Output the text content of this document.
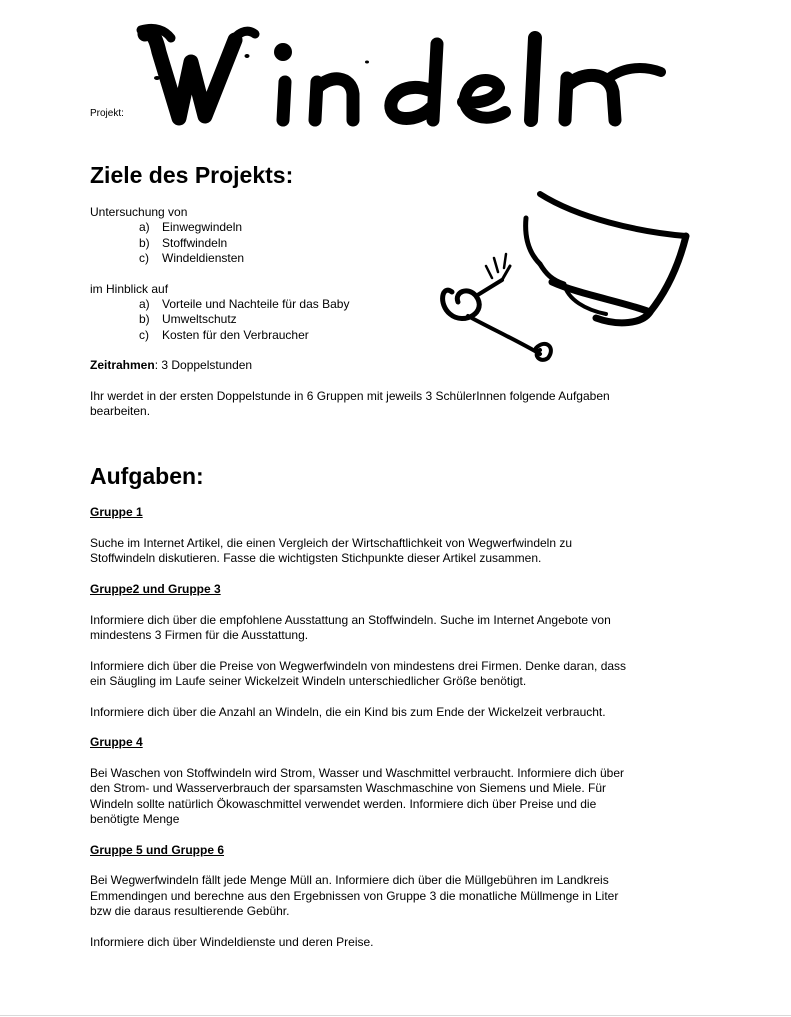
Projekt:
Ziele des Projekts:
Untersuchung von
a) Einwegwindeln
b) Stoffwindeln
c) Windeldiensten
im Hinblick auf
a) Vorteile und Nachteile für das Baby
b) Umweltschutz
c) Kosten für den Verbraucher
Zeitrahmen: 3 Doppelstunden
Ihr werdet in der ersten Doppelstunde in 6 Gruppen mit jeweils 3 SchülerInnen folgende Aufgaben
bearbeiten.
Aufgaben:
Gruppe 1
Suche im Internet Artikel, die einen Vergleich der Wirtschaftlichkeit von Wegwerfwindeln zu
Stoffwindeln diskutieren. Fasse die wichtigsten Stichpunkte dieser Artikel zusammen.
Gruppe2 und Gruppe 3
Informiere dich über die empfohlene Ausstattung an Stoffwindeln. Suche im Internet Angebote von
mindestens 3 Firmen für die Ausstattung.
Informiere dich über die Preise von Wegwerfwindeln von mindestens drei Firmen. Denke daran, dass
ein Säugling im Laufe seiner Wickelzeit Windeln unterschiedlicher Größe benötigt.
Informiere dich über die Anzahl an Windeln, die ein Kind bis zum Ende der Wickelzeit verbraucht.
Gruppe 4
Bei Waschen von Stoffwindeln wird Strom, Wasser und Waschmittel verbraucht. Informiere dich über
den Strom- und Wasserverbrauch der sparsamsten Waschmaschine von Siemens und Miele. Für
Windeln sollte natürlich Ökowaschmittel verwendet werden. Informiere dich über Preise und die
benötigte Menge
Gruppe 5 und Gruppe 6
Bei Wegwerfwindeln fällt jede Menge Müll an. Informiere dich über die Müllgebühren im Landkreis
Emmendingen und berechne aus den Ergebnissen von Gruppe 3 die monatliche Müllmenge in Liter
bzw die daraus resultierende Gebühr.
Informiere dich über Windeldienste und deren Preise.
